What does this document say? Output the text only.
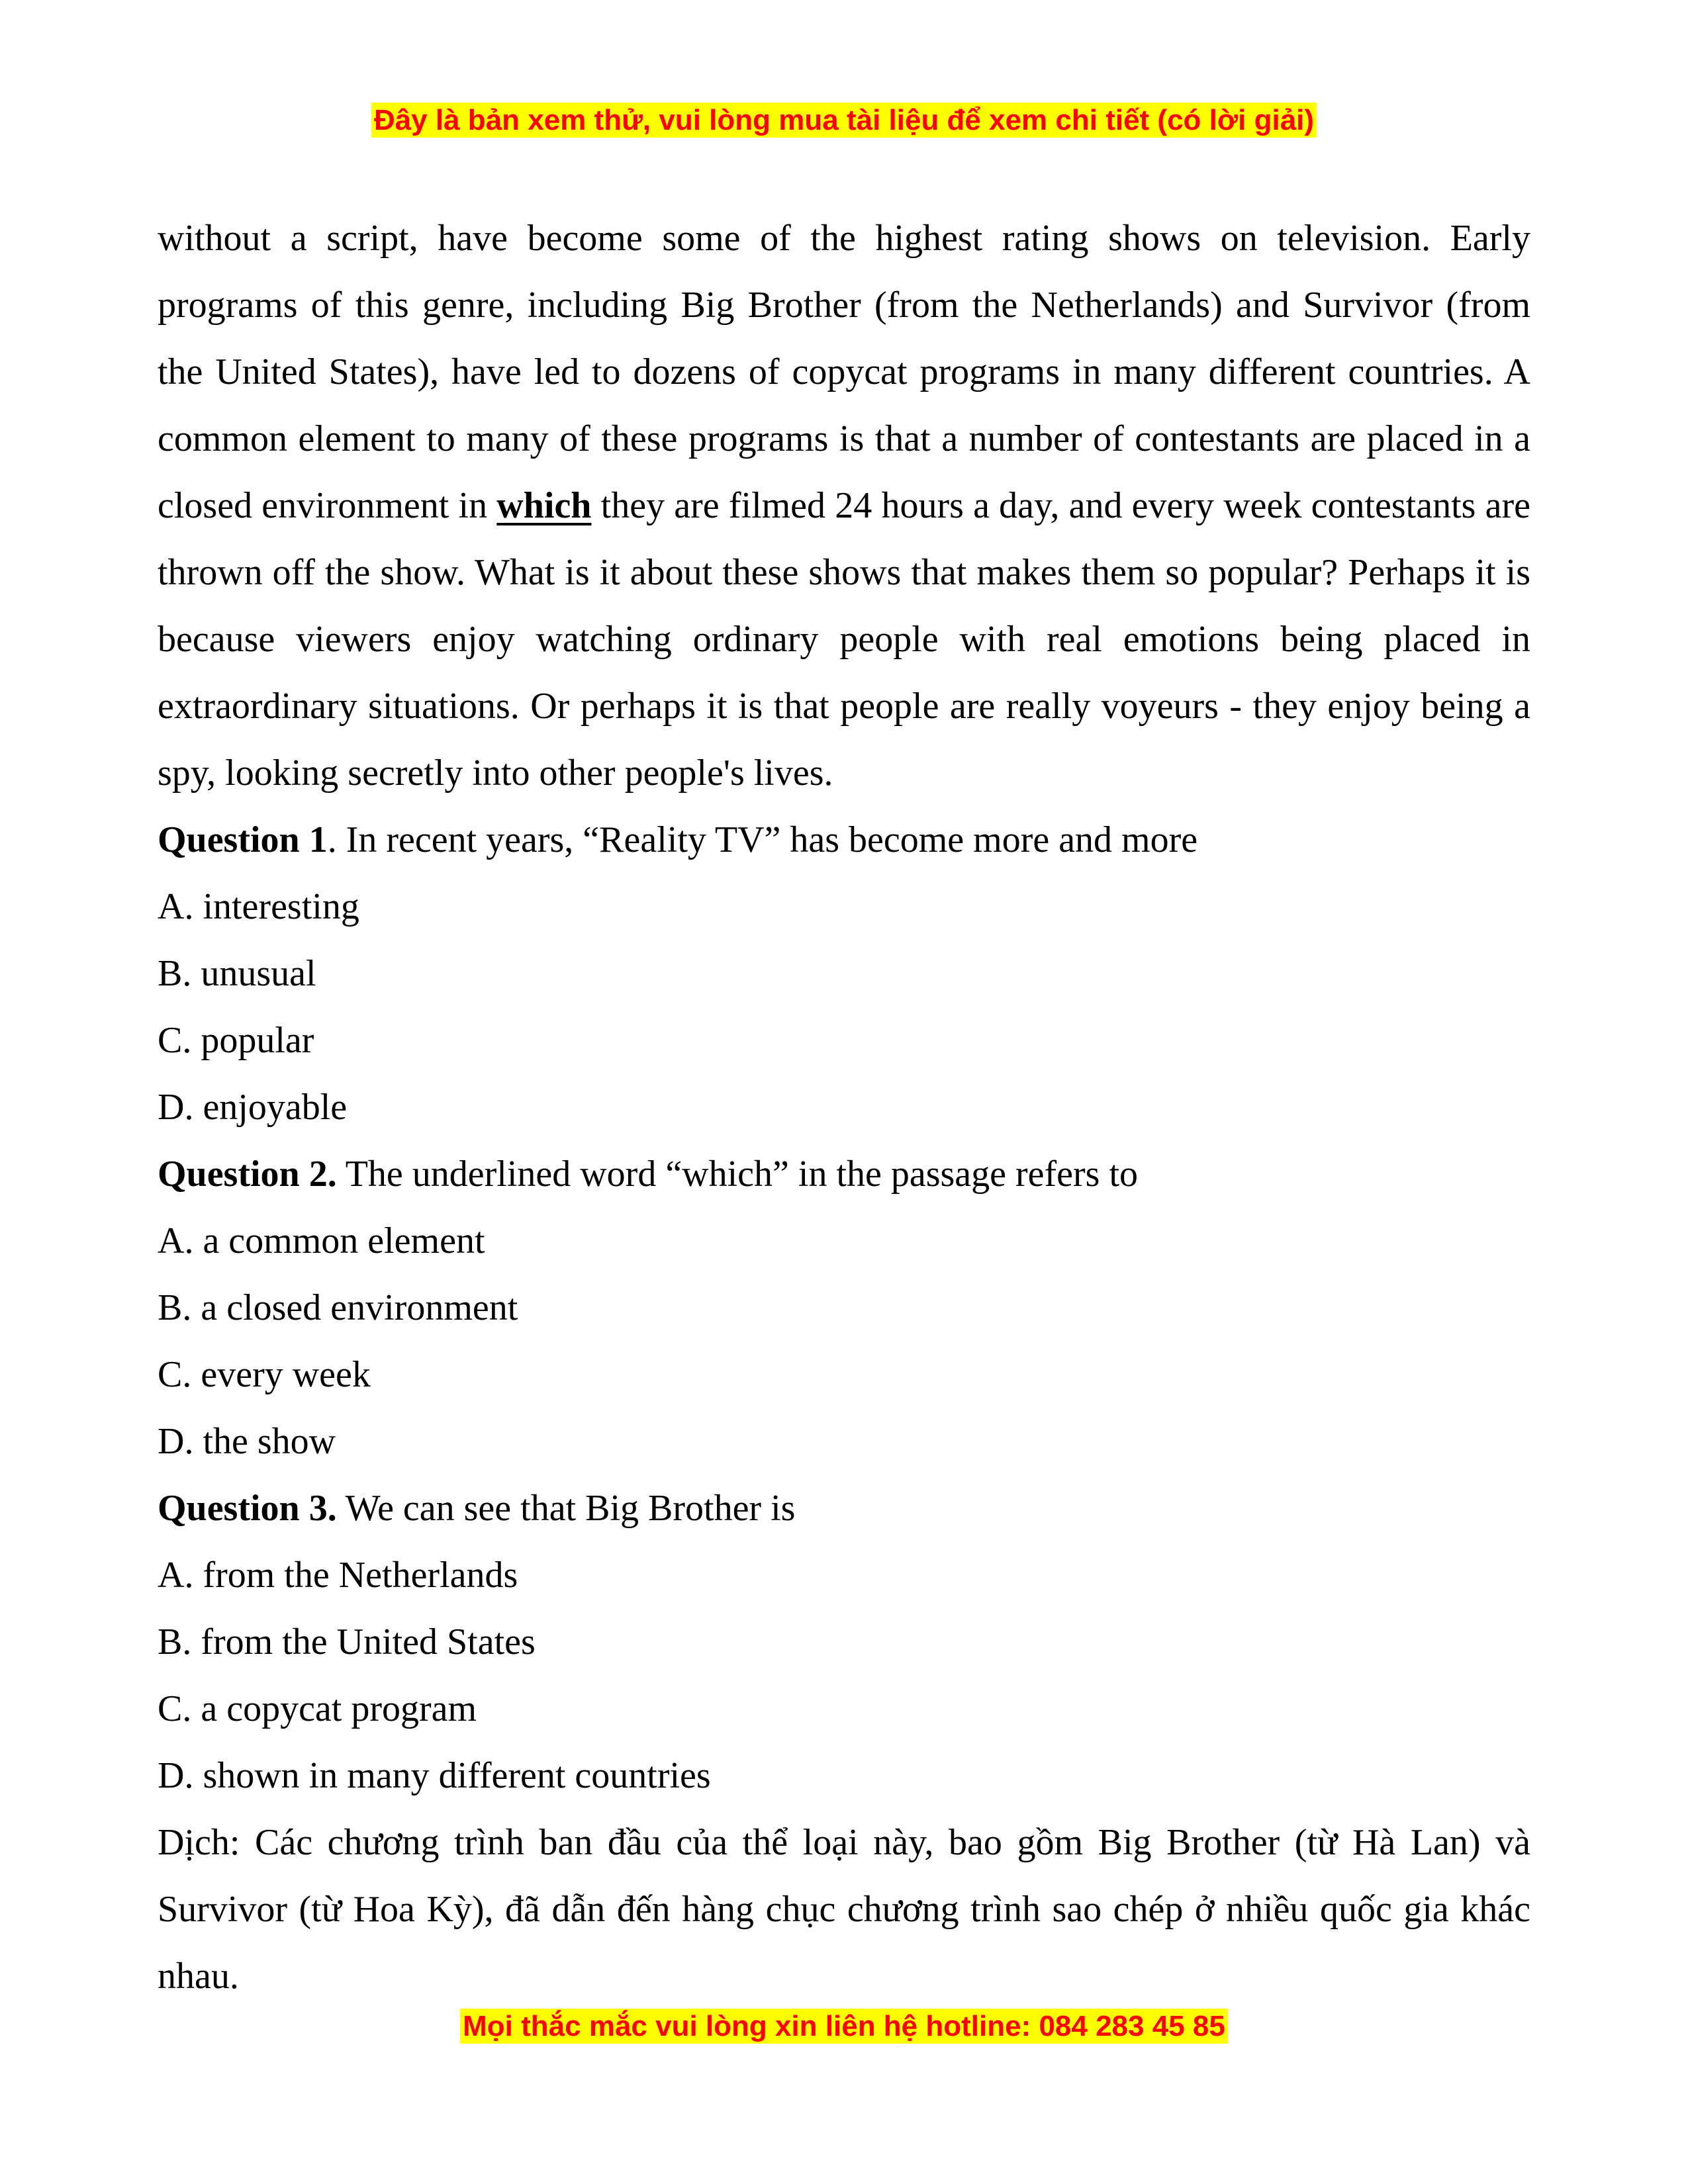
Đây là bản xem thử, vui lòng mua tài liệu để xem chi tiết (có lời giải)

without a script, have become some of the highest rating shows on television. Early programs of this genre, including Big Brother (from the Netherlands) and Survivor (from the United States), have led to dozens of copycat programs in many different countries. A common element to many of these programs is that a number of contestants are placed in a closed environment in which they are filmed 24 hours a day, and every week contestants are thrown off the show. What is it about these shows that makes them so popular? Perhaps it is because viewers enjoy watching ordinary people with real emotions being placed in extraordinary situations. Or perhaps it is that people are really voyeurs - they enjoy being a spy, looking secretly into other people's lives.

Question 1. In recent years, “Reality TV” has become more and more

A. interesting

B. unusual

C. popular

D. enjoyable

Question 2. The underlined word “which” in the passage refers to

A. a common element

B. a closed environment

C. every week

D. the show

Question 3. We can see that Big Brother is

A. from the Netherlands

B. from the United States

C. a copycat program

D. shown in many different countries

Dịch: Các chương trình ban đầu của thể loại này, bao gồm Big Brother (từ Hà Lan) và Survivor (từ Hoa Kỳ), đã dẫn đến hàng chục chương trình sao chép ở nhiều quốc gia khác nhau.

Mọi thắc mắc vui lòng xin liên hệ hotline: 084 283 45 85
